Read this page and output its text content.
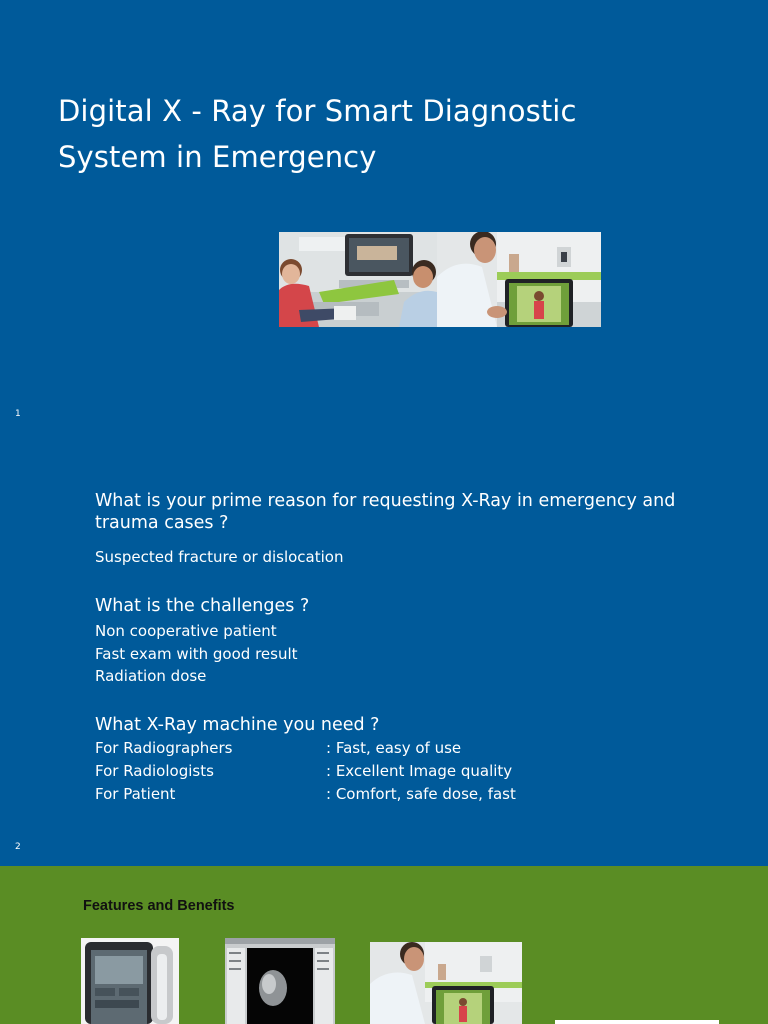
Digital X - Ray for Smart Diagnostic System in Emergency
1
What is your prime reason for requesting X-Ray in emergency and trauma cases ?
Suspected fracture or dislocation
What is the challenges ?
Non cooperative patient
Fast exam with good result
Radiation dose
What X-Ray machine you need ?
For Radiographers	: Fast, easy of use
For Radiologists	: Excellent Image quality
For Patient	: Comfort, safe dose, fast
2
Features and Benefits
